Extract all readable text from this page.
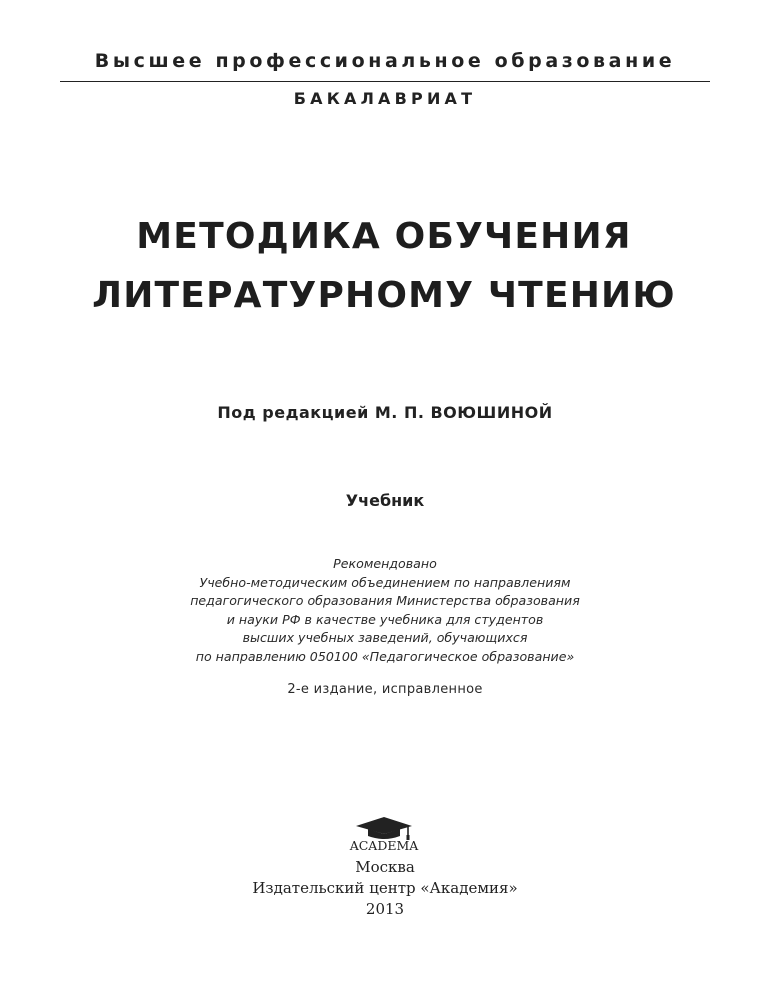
Высшее профессиональное образование
БАКАЛАВРИАТ
МЕТОДИКА ОБУЧЕНИЯ
ЛИТЕРАТУРНОМУ ЧТЕНИЮ
Под редакцией М. П. ВОЮШИНОЙ
Учебник
Рекомендовано
Учебно-методическим объединением по направлениям
педагогического образования Министерства образования
и науки РФ в качестве учебника для студентов
высших учебных заведений, обучающихся
по направлению 050100 «Педагогическое образование»
2-е издание, исправленное
ACADEMA
Москва
Издательский центр «Академия»
2013
